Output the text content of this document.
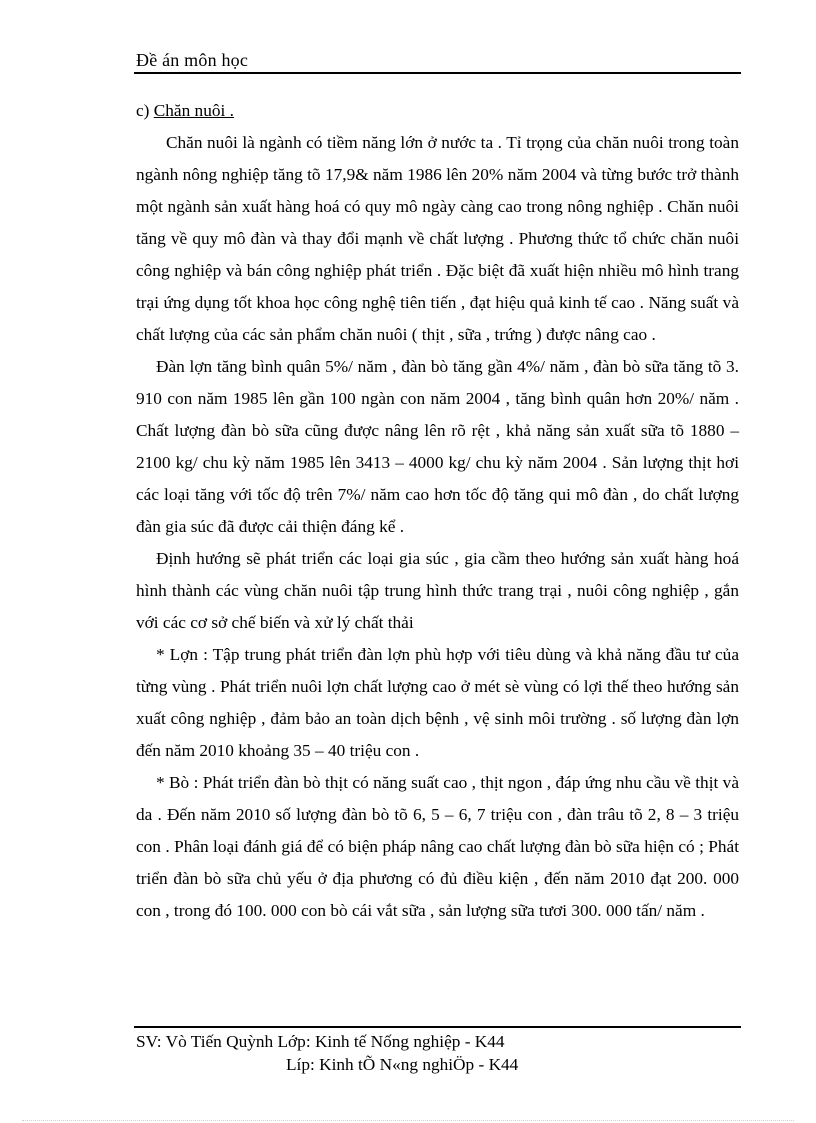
Đề án môn học

c) Chăn nuôi .

Chăn nuôi là ngành có tiềm năng lớn ở nước ta . Tỉ trọng của chăn nuôi trong toàn ngành nông nghiệp tăng tõ 17,9& năm 1986 lên 20% năm 2004 và từng bước trở thành một ngành sản xuất hàng hoá có quy mô ngày càng cao trong nông nghiệp . Chăn nuôi tăng về quy mô đàn và thay đổi mạnh về chất lượng . Phương thức tổ chức chăn nuôi công nghiệp và bán công nghiệp phát triển . Đặc biệt đã xuất hiện nhiều mô hình trang trại ứng dụng tốt khoa học công nghệ tiên tiến , đạt hiệu quả kinh tế cao . Năng suất và chất lượng của các sản phẩm chăn nuôi ( thịt , sữa , trứng ) được nâng cao .

Đàn lợn tăng bình quân 5%/ năm , đàn bò tăng gần 4%/ năm , đàn bò sữa tăng tõ 3. 910 con năm 1985 lên gần 100 ngàn con năm 2004 , tăng bình quân hơn 20%/ năm . Chất lượng đàn bò sữa cũng được nâng lên rõ rệt , khả năng sản xuất sữa tõ 1880 – 2100 kg/ chu kỳ năm 1985 lên 3413 – 4000 kg/ chu kỳ năm 2004 . Sản lượng thịt hơi các loại tăng với tốc độ trên 7%/ năm cao hơn tốc độ tăng qui mô đàn , do chất lượng đàn gia súc đã được cải thiện đáng kể .

Định hướng sẽ phát triển các loại gia súc , gia cầm theo hướng sản xuất hàng hoá hình thành các vùng chăn nuôi tập trung hình thức trang trại , nuôi công nghiệp , gắn với các cơ sở chế biến và xử lý chất thải

* Lợn : Tập trung phát triển đàn lợn phù hợp với tiêu dùng và khả năng đầu tư của từng vùng . Phát triển nuôi lợn chất lượng cao ở mét sè vùng có lợi thế theo hướng sản xuất công nghiệp , đảm bảo an toàn dịch bệnh , vệ sinh môi trường . số lượng đàn lợn đến năm 2010 khoảng 35 – 40 triệu con .

* Bò : Phát triển đàn bò thịt có năng suất cao , thịt ngon , đáp ứng nhu cầu về thịt và da . Đến năm 2010 số lượng đàn bò tõ 6, 5 – 6, 7 triệu con , đàn trâu tõ 2, 8 – 3 triệu con . Phân loại đánh giá để có biện pháp nâng cao chất lượng đàn bò sữa hiện có ; Phát triển đàn bò sữa chủ yếu ở địa phương có đủ điều kiện , đến năm 2010 đạt 200. 000 con , trong đó 100. 000 con bò cái vắt sữa , sản lượng sữa tươi 300. 000 tấn/ năm .

SV: Vò Tiến Quỳnh Lớp: Kinh tế Nống nghiệp - K44
Líp: Kinh tÕ N«ng nghiÖp - K44
